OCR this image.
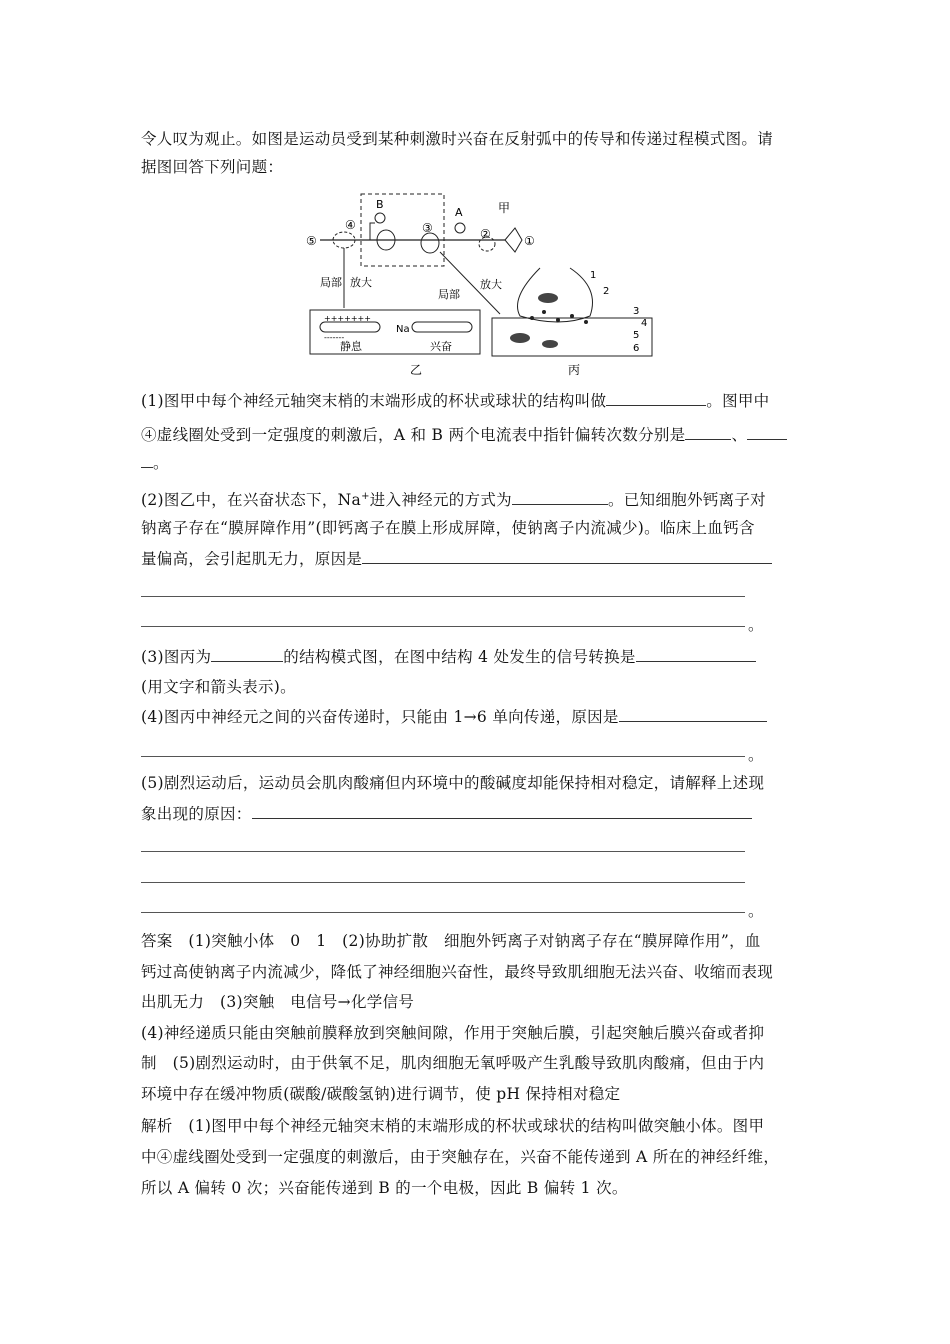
令人叹为观止。如图是运动员受到某种刺激时兴奋在反射弧中的传导和传递过程模式图。请
据图回答下列问题：
⑤
④
B
③
A	甲
②	①
局部 放大
局部
放大
+++++++
-------
Na
静息	兴奋
乙
1
2
3
4
5
6
丙
(1)图甲中每个神经元轴突末梢的末端形成的杯状或球状的结构叫做	。图甲中
④虚线圈处受到一定强度的刺激后，A 和 B 两个电流表中指针偏转次数分别是	、
。
(2)图乙中，在兴奋状态下，Na+进入神经元的方式为	。已知细胞外钙离子对
钠离子存在“膜屏障作用”(即钙离子在膜上形成屏障，使钠离子内流减少)。临床上血钙含
量偏高，会引起肌无力，原因是
。
(3)图丙为	的结构模式图，在图中结构 4 处发生的信号转换是
(用文字和箭头表示)。
(4)图丙中神经元之间的兴奋传递时，只能由 1→6 单向传递，原因是
。
(5)剧烈运动后，运动员会肌肉酸痛但内环境中的酸碱度却能保持相对稳定，请解释上述现
象出现的原因：
。
答案　(1)突触小体　0　1　(2)协助扩散　细胞外钙离子对钠离子存在“膜屏障作用”，血
钙过高使钠离子内流减少，降低了神经细胞兴奋性，最终导致肌细胞无法兴奋、收缩而表现
出肌无力　(3)突触　电信号→化学信号
(4)神经递质只能由突触前膜释放到突触间隙，作用于突触后膜，引起突触后膜兴奋或者抑
制　(5)剧烈运动时，由于供氧不足，肌肉细胞无氧呼吸产生乳酸导致肌肉酸痛，但由于内
环境中存在缓冲物质(碳酸/碳酸氢钠)进行调节，使 pH 保持相对稳定
解析　(1)图甲中每个神经元轴突末梢的末端形成的杯状或球状的结构叫做突触小体。图甲
中④虚线圈处受到一定强度的刺激后，由于突触存在，兴奋不能传递到 A 所在的神经纤维，
所以 A 偏转 0 次；兴奋能传递到 B 的一个电极，因此 B 偏转 1 次。
